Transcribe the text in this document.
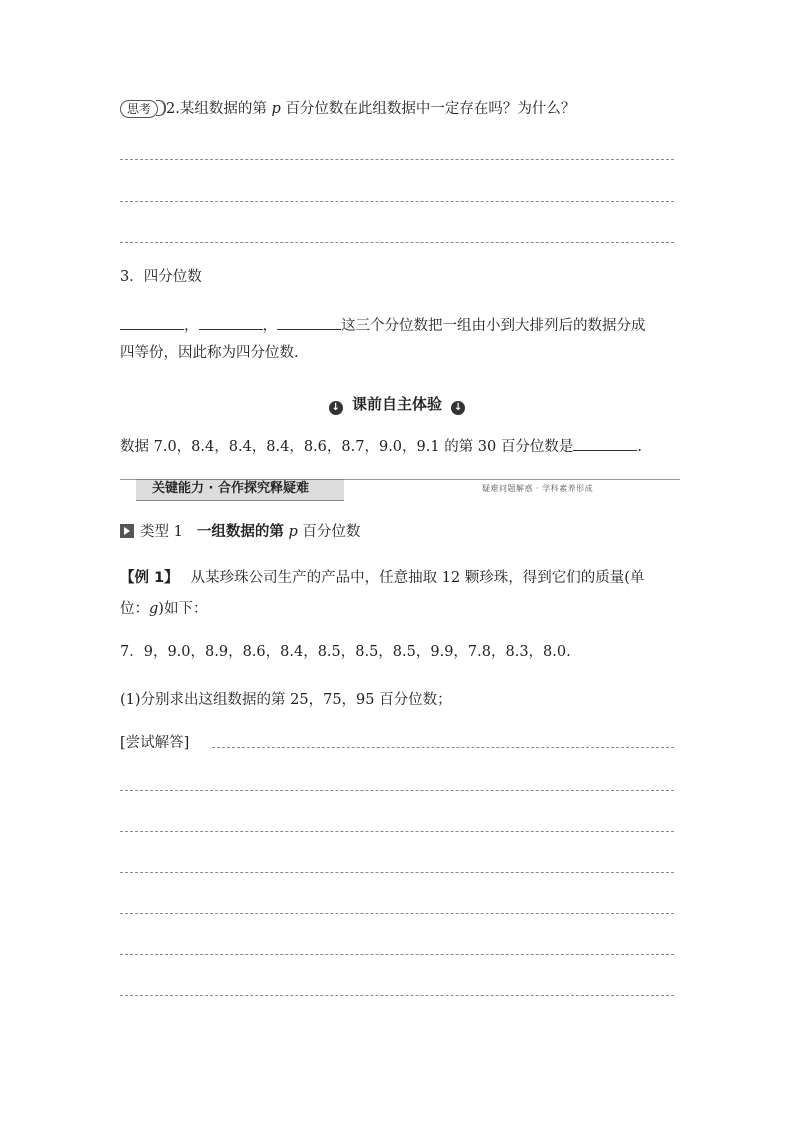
思考 2.某组数据的第 p 百分位数在此组数据中一定存在吗？为什么？
3．四分位数
，	，	这三个分位数把一组由小到大排列后的数据分成
四等份，因此称为四分位数.
↓ 课前自主体验 ↓
数据 7.0，8.4，8.4，8.4，8.6，8.7，9.0，9.1 的第 30 百分位数是	.
关键能力 · 合作探究释疑难	疑难问题解惑 · 学科素养形成
类型 1 一组数据的第 p 百分位数
【例 1】 从某珍珠公司生产的产品中，任意抽取 12 颗珍珠，得到它们的质量(单
位：g)如下：
7．9，9.0，8.9，8.6，8.4，8.5，8.5，8.5，9.9，7.8，8.3，8.0.
(1)分别求出这组数据的第 25，75，95 百分位数；
[尝试解答]
